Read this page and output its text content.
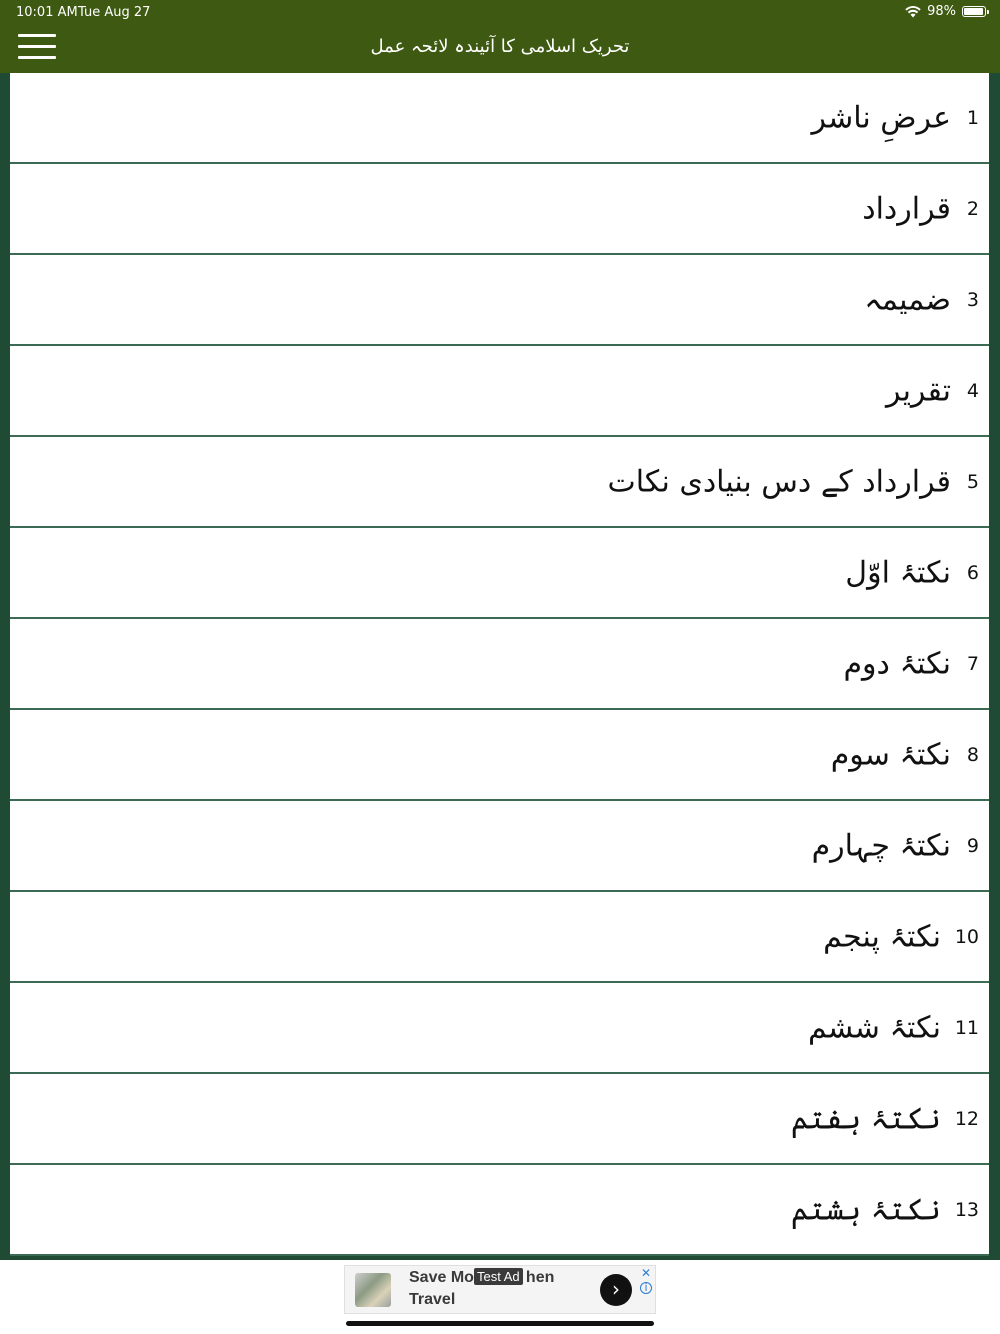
10:01 AM Tue Aug 27	98%
تحریک اسلامی کا آئیندہ لائحہ عمل
1
عرضِ ناشر
2
قرارداد
3
ضمیمہ
4
تقریر
5
قرارداد کے دس بنیادی نکات
6
نکتۂ اوّل
7
نکتۂ دوم
8
نکتۂ سوم
9
نکتۂ چہارم
10
نکتۂ پنجم
11
نکتۂ ششم
12
نکتۂ ہفتم
13
نکتۂ ہشتم
Save Mo	hen
Travel
Test Ad
›
✕
i
